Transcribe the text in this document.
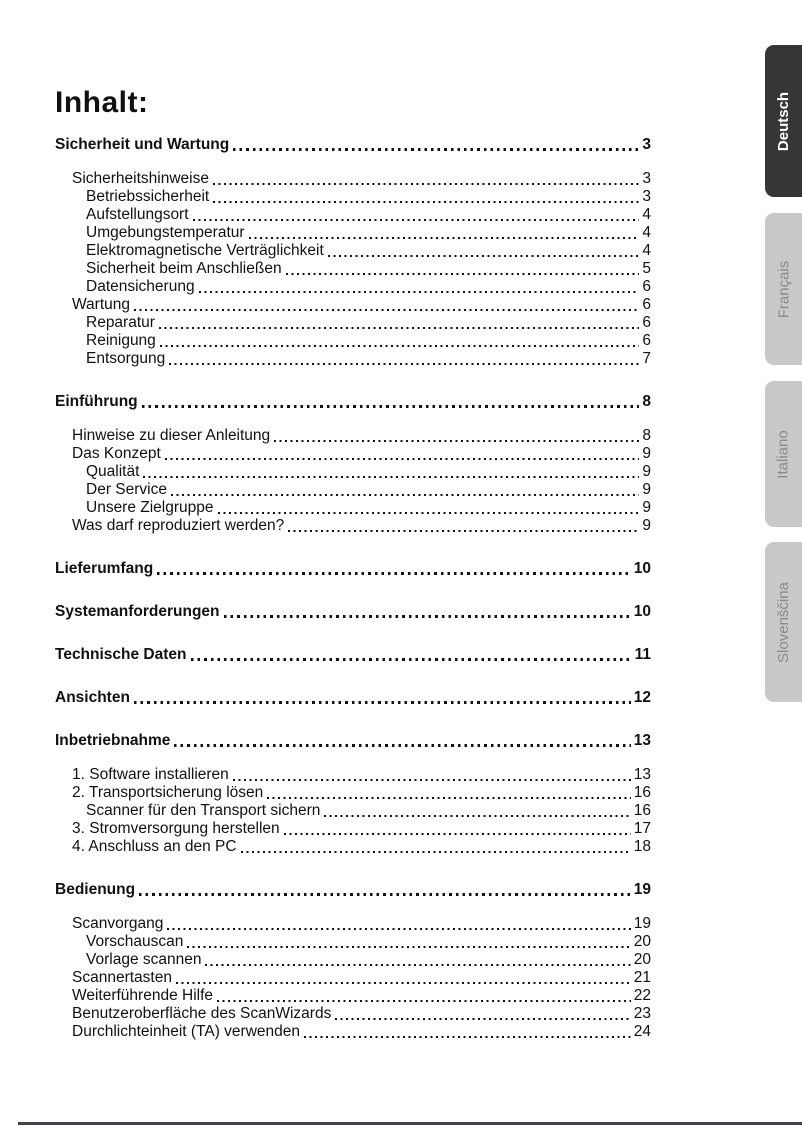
Inhalt:
Sicherheit und Wartung	3
Sicherheitshinweise	3
Betriebssicherheit	3
Aufstellungsort	4
Umgebungstemperatur	4
Elektromagnetische Verträglichkeit	4
Sicherheit beim Anschließen	5
Datensicherung	6
Wartung	6
Reparatur	6
Reinigung	6
Entsorgung	7
Einführung	8
Hinweise zu dieser Anleitung	8
Das Konzept	9
Qualität	9
Der Service	9
Unsere Zielgruppe	9
Was darf reproduziert werden?	9
Lieferumfang	10
Systemanforderungen	10
Technische Daten	11
Ansichten	12
Inbetriebnahme	13
1. Software installieren	13
2. Transportsicherung lösen	16
Scanner für den Transport sichern	16
3. Stromversorgung herstellen	17
4. Anschluss an den PC	18
Bedienung	19
Scanvorgang	19
Vorschauscan	20
Vorlage scannen	20
Scannertasten	21
Weiterführende Hilfe	22
Benutzeroberfläche des ScanWizards	23
Durchlichteinheit (TA) verwenden	24
Deutsch
Français
Italiano
Slovenščina
